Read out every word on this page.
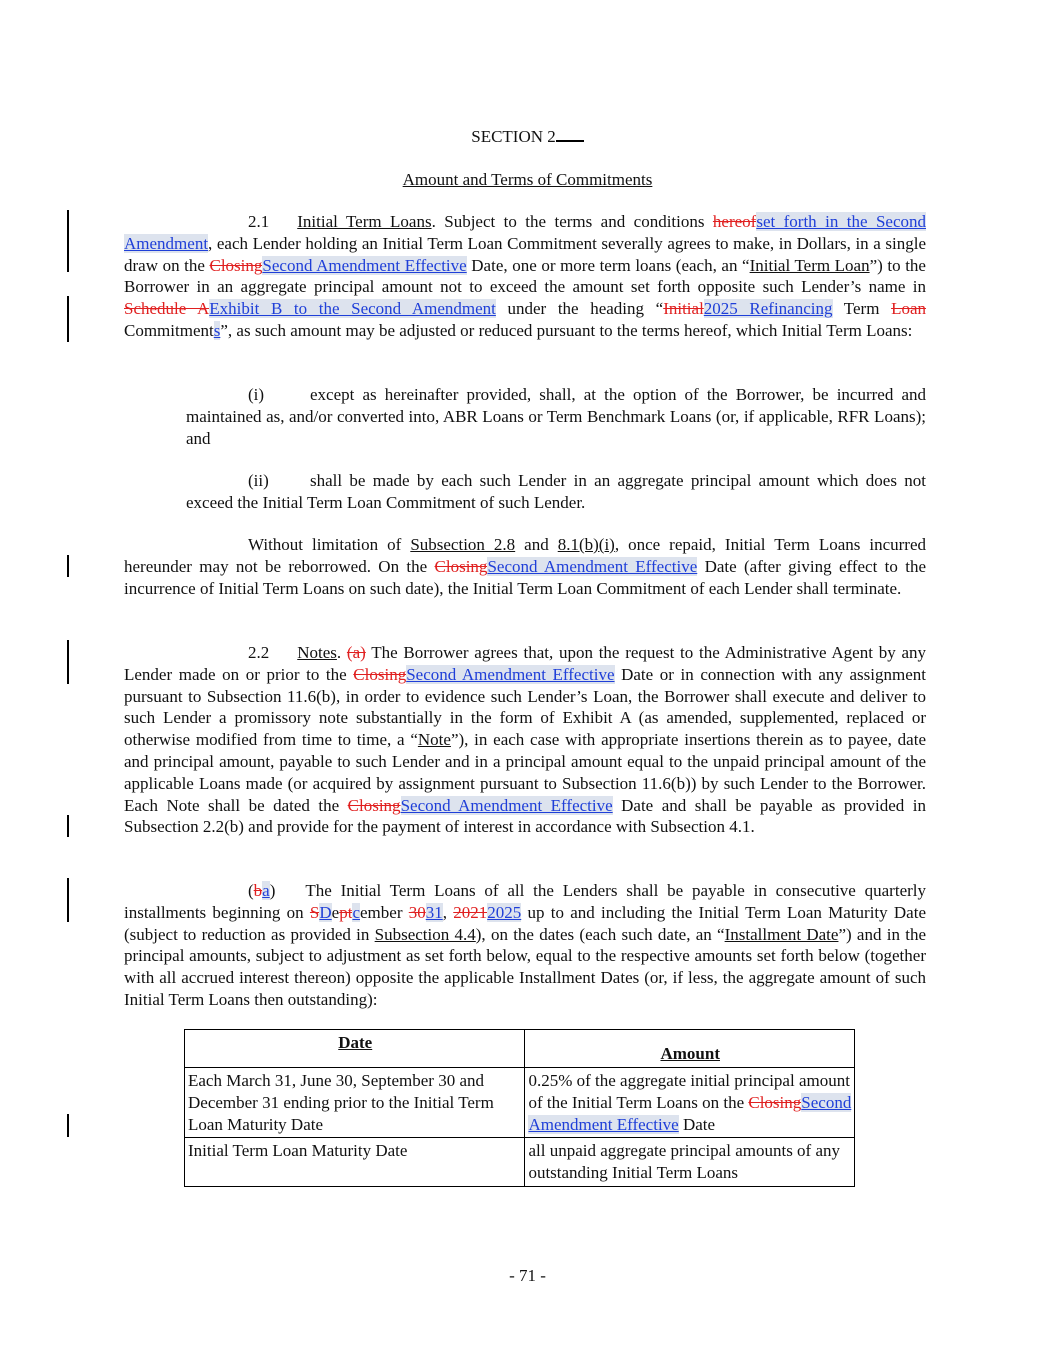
SECTION 2
Amount and Terms of Commitments
2.1 Initial Term Loans. Subject to the terms and conditions hereofset forth in the Second Amendment, each Lender holding an Initial Term Loan Commitment severally agrees to make, in Dollars, in a single draw on the ClosingSecond Amendment Effective Date, one or more term loans (each, an “Initial Term Loan”) to the Borrower in an aggregate principal amount not to exceed the amount set forth opposite such Lender’s name in Schedule AExhibit B to the Second Amendment under the heading “Initial2025 Refinancing Term Loan Commitments”, as such amount may be adjusted or reduced pursuant to the terms hereof, which Initial Term Loans:
(i)	except as hereinafter provided, shall, at the option of the Borrower, be incurred and maintained as, and/or converted into, ABR Loans or Term Benchmark Loans (or, if applicable, RFR Loans); and
(ii) shall be made by each such Lender in an aggregate principal amount which does not exceed the Initial Term Loan Commitment of such Lender.
Without limitation of Subsection 2.8 and 8.1(b)(i), once repaid, Initial Term Loans incurred hereunder may not be reborrowed. On the ClosingSecond Amendment Effective Date (after giving effect to the incurrence of Initial Term Loans on such date), the Initial Term Loan Commitment of each Lender shall terminate.
2.2 Notes. (a) The Borrower agrees that, upon the request to the Administrative Agent by any Lender made on or prior to the ClosingSecond Amendment Effective Date or in connection with any assignment pursuant to Subsection 11.6(b), in order to evidence such Lender’s Loan, the Borrower shall execute and deliver to such Lender a promissory note substantially in the form of Exhibit A (as amended, supplemented, replaced or otherwise modified from time to time, a “Note”), in each case with appropriate insertions therein as to payee, date and principal amount, payable to such Lender and in a principal amount equal to the unpaid principal amount of the applicable Loans made (or acquired by assignment pursuant to Subsection 11.6(b)) by such Lender to the Borrower. Each Note shall be dated the ClosingSecond Amendment Effective Date and shall be payable as provided in Subsection 2.2(b) and provide for the payment of interest in accordance with Subsection 4.1.
(ba) The Initial Term Loans of all the Lenders shall be payable in consecutive quarterly installments beginning on SDeptcember 3031, 20212025 up to and including the Initial Term Loan Maturity Date (subject to reduction as provided in Subsection 4.4), on the dates (each such date, an “Installment Date”) and in the principal amounts, subject to adjustment as set forth below, equal to the respective amounts set forth below (together with all accrued interest thereon) opposite the applicable Installment Dates (or, if less, the aggregate amount of such Initial Term Loans then outstanding):
Date	Amount
Each March 31, June 30, September 30 and December 31 ending prior to the Initial Term Loan Maturity Date	0.25% of the aggregate initial principal amount of the Initial Term Loans on the ClosingSecond Amendment Effective Date
Initial Term Loan Maturity Date	all unpaid aggregate principal amounts of any outstanding Initial Term Loans
- 71 -
